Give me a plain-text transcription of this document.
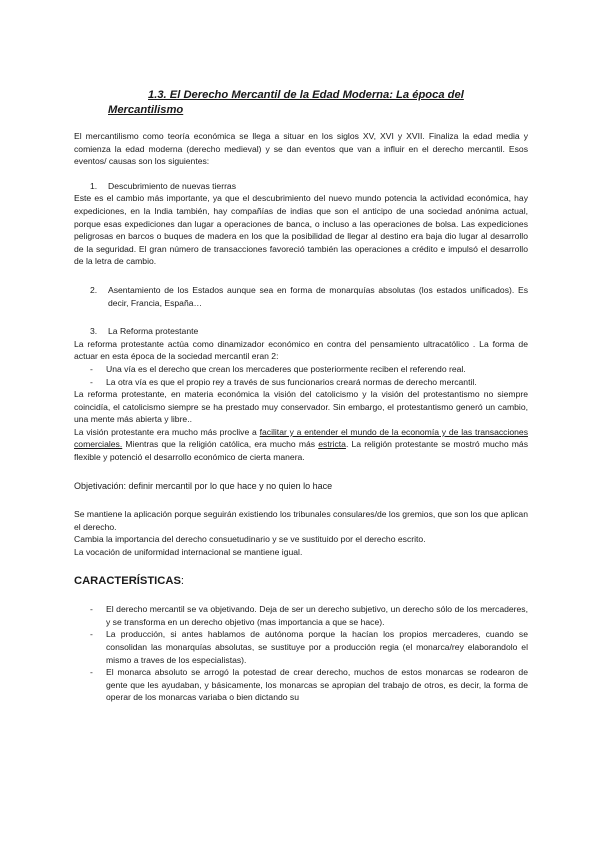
1.3. El Derecho Mercantil de la Edad Moderna: La época del
Mercantilismo

El mercantilismo como teoría económica se llega a situar en los siglos XV, XVI y XVII. Finaliza la edad media y comienza la edad moderna (derecho medieval) y se dan eventos que van a influir en el derecho mercantil. Esos eventos/ causas son los siguientes:

1.	Descubrimiento de nuevas tierras

Este es el cambio más importante, ya que el descubrimiento del nuevo mundo potencia la actividad económica, hay expediciones, en la India también, hay compañías de indias que son el anticipo de una sociedad anónima actual, porque esas expediciones dan lugar a operaciones de banca, o incluso a las operaciones de bolsa. Las expediciones peligrosas en barcos o buques de madera en los que la posibilidad de llegar al destino era baja dio lugar al desarrollo de la seguridad. El gran número de transacciones favoreció también las operaciones a crédito e impulsó el desarrollo de la letra de cambio.

2.	Asentamiento de los Estados aunque sea en forma de monarquías absolutas (los estados unificados). Es decir, Francia, España…
3.	La Reforma protestante

La reforma protestante actúa como dinamizador económico en contra del pensamiento ultracatólico . La forma de actuar en esta época de la sociedad mercantil eran 2:

-	Una vía es el derecho que crean los mercaderes que posteriormente reciben el referendo real.
-	La otra vía es que el propio rey a través de sus funcionarios creará normas de derecho mercantil.

La reforma protestante, en materia económica la visión del catolicismo y la visión del protestantismo no siempre coincidía, el catolicismo siempre se ha prestado muy conservador. Sin embargo, el protestantismo generó un cambio, una mente más abierta y libre..

La visión protestante era mucho más proclive a facilitar y a entender el mundo de la economía y de las transacciones comerciales. Mientras que la religión católica, era mucho más estricta. La religión protestante se mostró mucho más flexible y potenció el desarrollo económico de cierta manera.

Objetivación: definir mercantil por lo que hace y no quien lo hace

Se mantiene la aplicación porque seguirán existiendo los tribunales consulares/de los gremios, que son los que aplican el derecho.

Cambia la importancia del derecho consuetudinario y se ve sustituido por el derecho escrito.

La vocación de uniformidad internacional se mantiene igual.

CARACTERÍSTICAS:

-	El derecho mercantil se va objetivando. Deja de ser un derecho subjetivo, un derecho sólo de los mercaderes, y se transforma en un derecho objetivo (mas importancia a que se hace).
-	La producción, si antes hablamos de autónoma porque la hacían los propios mercaderes, cuando se consolidan las monarquías absolutas, se sustituye por a producción regia (el monarca/rey elaborandolo el mismo a traves de los especialistas).
-	El monarca absoluto se arrogó la potestad de crear derecho, muchos de estos monarcas se rodearon de gente que les ayudaban, y básicamente, los monarcas se apropian del trabajo de otros, es decir, la forma de operar de los monarcas variaba o bien dictando su
